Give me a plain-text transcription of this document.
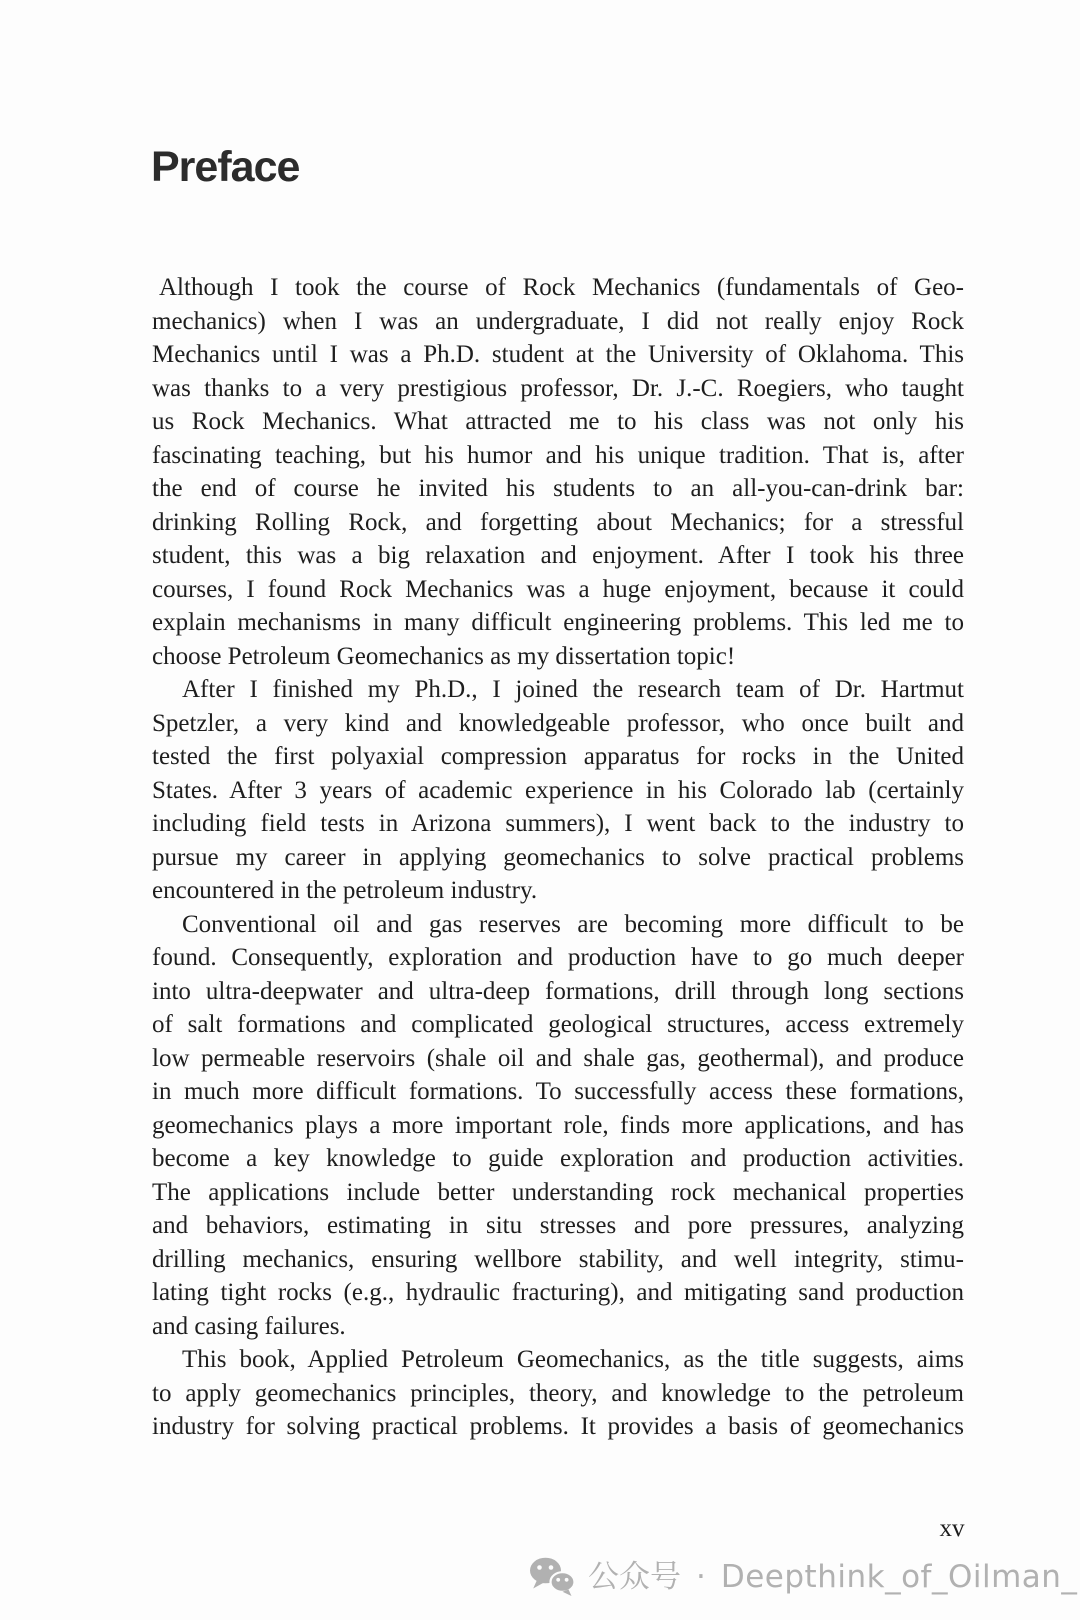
Preface
Although I took the course of Rock Mechanics (fundamentals of Geo-
mechanics) when I was an undergraduate, I did not really enjoy Rock
Mechanics until I was a Ph.D. student at the University of Oklahoma. This
was thanks to a very prestigious professor, Dr. J.-C. Roegiers, who taught
us Rock Mechanics. What attracted me to his class was not only his
fascinating teaching, but his humor and his unique tradition. That is, after
the end of course he invited his students to an all-you-can-drink bar:
drinking Rolling Rock, and forgetting about Mechanics; for a stressful
student, this was a big relaxation and enjoyment. After I took his three
courses, I found Rock Mechanics was a huge enjoyment, because it could
explain mechanisms in many difficult engineering problems. This led me to
choose Petroleum Geomechanics as my dissertation topic!
After I finished my Ph.D., I joined the research team of Dr. Hartmut
Spetzler, a very kind and knowledgeable professor, who once built and
tested the first polyaxial compression apparatus for rocks in the United
States. After 3 years of academic experience in his Colorado lab (certainly
including field tests in Arizona summers), I went back to the industry to
pursue my career in applying geomechanics to solve practical problems
encountered in the petroleum industry.
Conventional oil and gas reserves are becoming more difficult to be
found. Consequently, exploration and production have to go much deeper
into ultra-deepwater and ultra-deep formations, drill through long sections
of salt formations and complicated geological structures, access extremely
low permeable reservoirs (shale oil and shale gas, geothermal), and produce
in much more difficult formations. To successfully access these formations,
geomechanics plays a more important role, finds more applications, and has
become a key knowledge to guide exploration and production activities.
The applications include better understanding rock mechanical properties
and behaviors, estimating in situ stresses and pore pressures, analyzing
drilling mechanics, ensuring wellbore stability, and well integrity, stimu-
lating tight rocks (e.g., hydraulic fracturing), and mitigating sand production
and casing failures.
This book, Applied Petroleum Geomechanics, as the title suggests, aims
to apply geomechanics principles, theory, and knowledge to the petroleum
industry for solving practical problems. It provides a basis of geomechanics
xv
公众号 · Deepthink_of_Oilman_
